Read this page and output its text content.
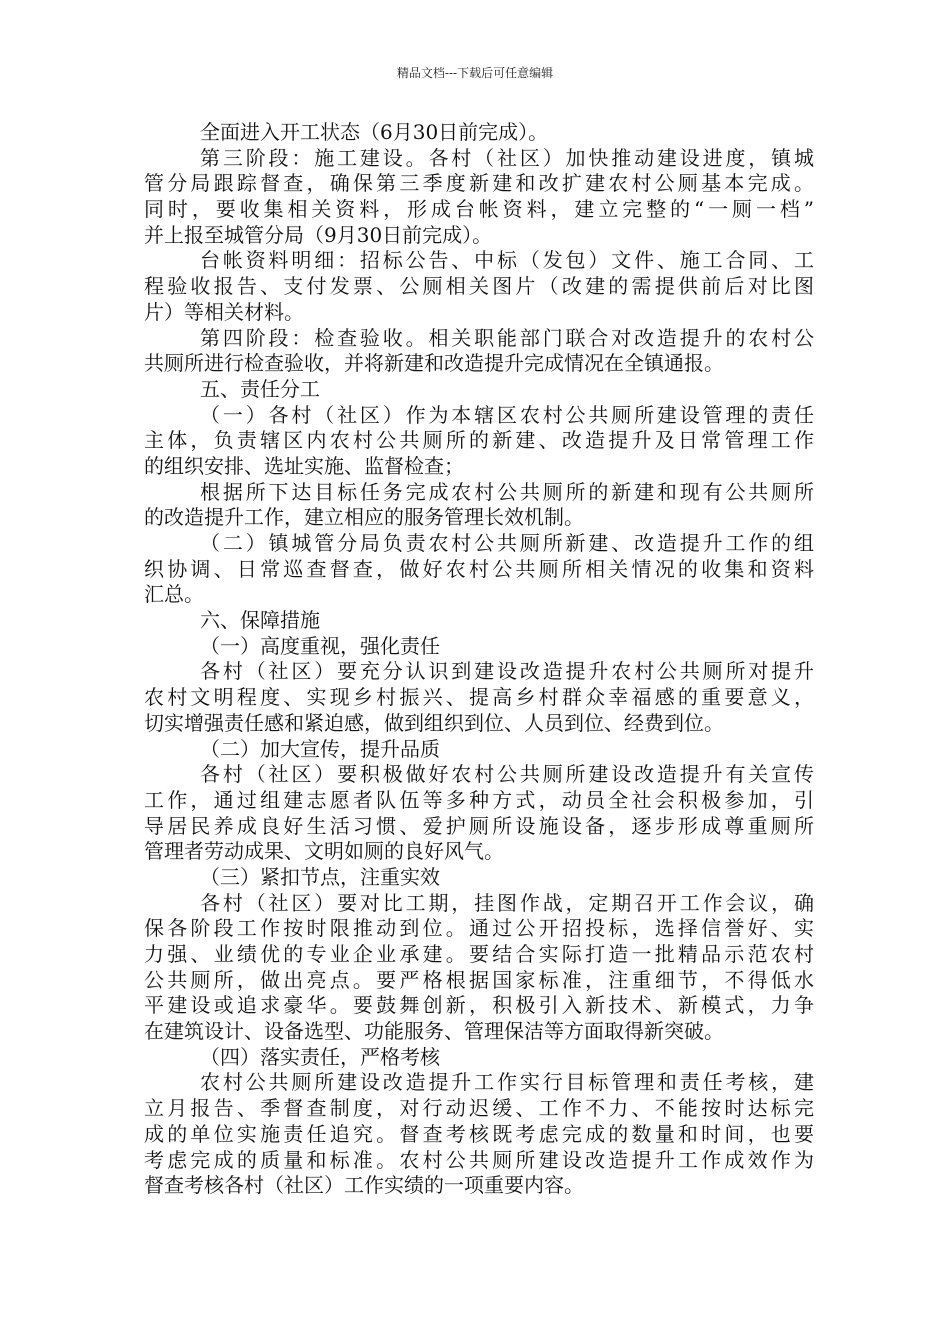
精品文档---下载后可任意编辑
全面进入开工状态（6月30日前完成）。
第三阶段：施工建设。各村（社区）加快推动建设进度，镇城
管分局跟踪督查，确保第三季度新建和改扩建农村公厕基本完成。
同时，要收集相关资料，形成台帐资料，建立完整的“一厕一档”
并上报至城管分局（9月30日前完成）。
台帐资料明细：招标公告、中标（发包）文件、施工合同、工
程验收报告、支付发票、公厕相关图片（改建的需提供前后对比图
片）等相关材料。
第四阶段：检查验收。相关职能部门联合对改造提升的农村公
共厕所进行检查验收，并将新建和改造提升完成情况在全镇通报。
五、责任分工
（一）各村（社区）作为本辖区农村公共厕所建设管理的责任
主体，负责辖区内农村公共厕所的新建、改造提升及日常管理工作
的组织安排、选址实施、监督检查；
根据所下达目标任务完成农村公共厕所的新建和现有公共厕所
的改造提升工作，建立相应的服务管理长效机制。
（二）镇城管分局负责农村公共厕所新建、改造提升工作的组
织协调、日常巡查督查，做好农村公共厕所相关情况的收集和资料
汇总。
六、保障措施
（一）高度重视，强化责任
各村（社区）要充分认识到建设改造提升农村公共厕所对提升
农村文明程度、实现乡村振兴、提高乡村群众幸福感的重要意义，
切实增强责任感和紧迫感，做到组织到位、人员到位、经费到位。
（二）加大宣传，提升品质
各村（社区）要积极做好农村公共厕所建设改造提升有关宣传
工作，通过组建志愿者队伍等多种方式，动员全社会积极参加，引
导居民养成良好生活习惯、爱护厕所设施设备，逐步形成尊重厕所
管理者劳动成果、文明如厕的良好风气。
（三）紧扣节点，注重实效
各村（社区）要对比工期，挂图作战，定期召开工作会议，确
保各阶段工作按时限推动到位。通过公开招投标，选择信誉好、实
力强、业绩优的专业企业承建。要结合实际打造一批精品示范农村
公共厕所，做出亮点。要严格根据国家标准，注重细节，不得低水
平建设或追求豪华。要鼓舞创新，积极引入新技术、新模式，力争
在建筑设计、设备选型、功能服务、管理保洁等方面取得新突破。
（四）落实责任，严格考核
农村公共厕所建设改造提升工作实行目标管理和责任考核，建
立月报告、季督查制度，对行动迟缓、工作不力、不能按时达标完
成的单位实施责任追究。督查考核既考虑完成的数量和时间，也要
考虑完成的质量和标准。农村公共厕所建设改造提升工作成效作为
督查考核各村（社区）工作实绩的一项重要内容。
